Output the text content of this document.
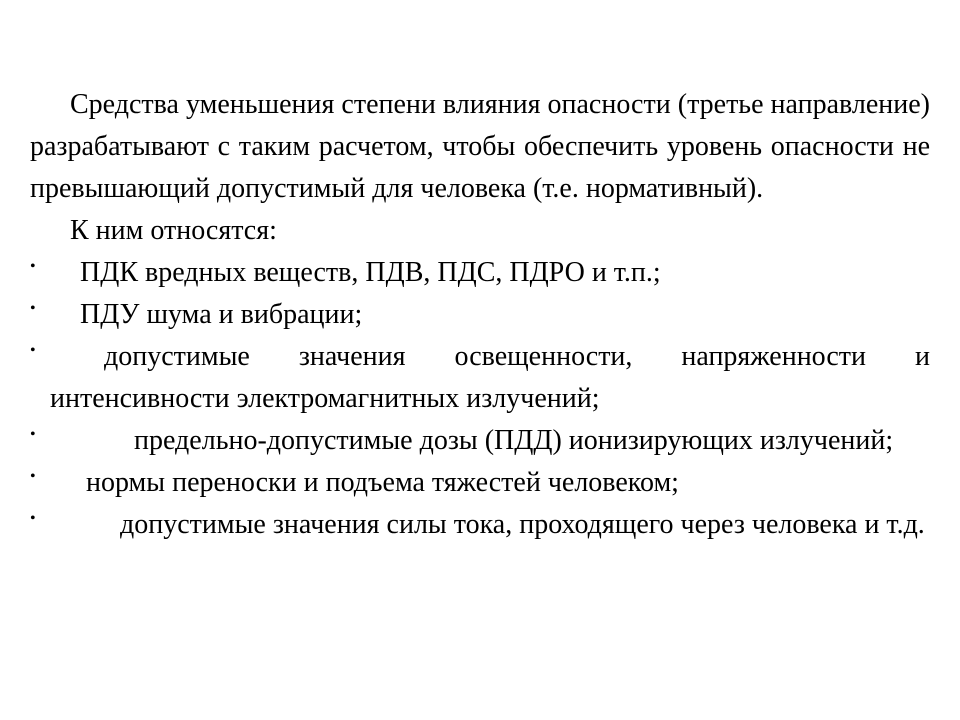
Средства уменьшения степени влияния опасности (третье направление) разрабатывают с таким расчетом, чтобы обеспечить уровень опасности не превышающий допустимый для человека (т.е. нормативный).

К ним относятся:

•	ПДК вредных веществ, ПДВ, ПДС, ПДРО и т.п.;
•	ПДУ шума и вибрации;
•	допустимые значения освещенности, напряженности и интенсивности электромагнитных излучений;
•	предельно-допустимые дозы (ПДД) ионизирующих излучений;
•	нормы переноски и подъема тяжестей человеком;
•	допустимые значения силы тока, проходящего через человека и т.д.
